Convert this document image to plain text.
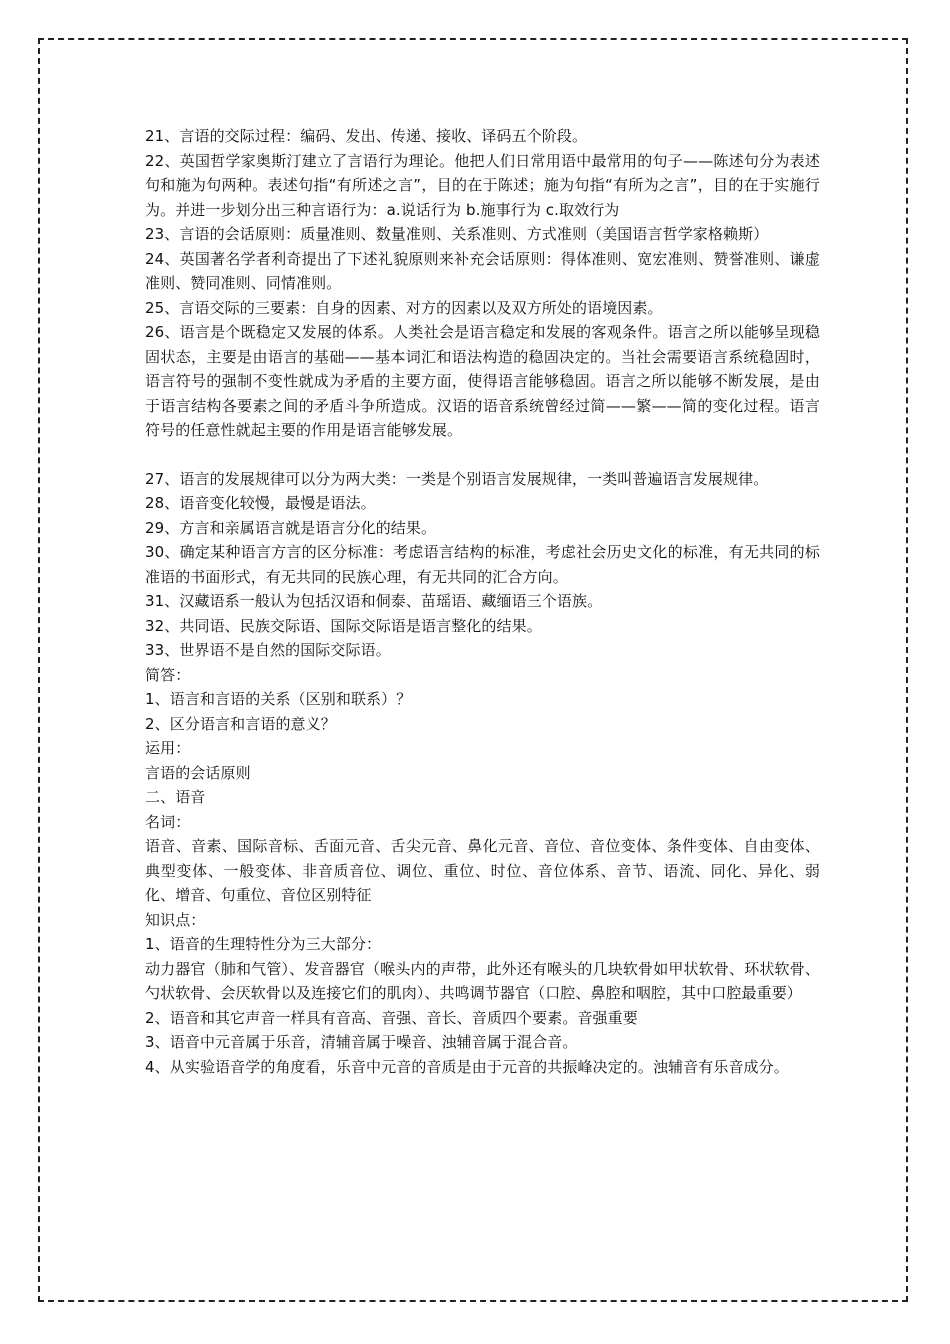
21、言语的交际过程：编码、发出、传递、接收、译码五个阶段。

22、英国哲学家奥斯汀建立了言语行为理论。他把人们日常用语中最常用的句子——陈述句分为表述句和施为句两种。表述句指“有所述之言”，目的在于陈述；施为句指“有所为之言”，目的在于实施行为。并进一步划分出三种言语行为：a.说话行为 b.施事行为 c.取效行为

23、言语的会话原则：质量准则、数量准则、关系准则、方式准则（美国语言哲学家格赖斯）

24、英国著名学者利奇提出了下述礼貌原则来补充会话原则：得体准则、宽宏准则、赞誉准则、谦虚准则、赞同准则、同情准则。

25、言语交际的三要素：自身的因素、对方的因素以及双方所处的语境因素。

26、语言是个既稳定又发展的体系。人类社会是语言稳定和发展的客观条件。语言之所以能够呈现稳固状态，主要是由语言的基础——基本词汇和语法构造的稳固决定的。当社会需要语言系统稳固时，语言符号的强制不变性就成为矛盾的主要方面，使得语言能够稳固。语言之所以能够不断发展，是由于语言结构各要素之间的矛盾斗争所造成。汉语的语音系统曾经过简——繁——简的变化过程。语言符号的任意性就起主要的作用是语言能够发展。

27、语言的发展规律可以分为两大类：一类是个别语言发展规律，一类叫普遍语言发展规律。

28、语音变化较慢，最慢是语法。

29、方言和亲属语言就是语言分化的结果。

30、确定某种语言方言的区分标准：考虑语言结构的标准，考虑社会历史文化的标准，有无共同的标准语的书面形式，有无共同的民族心理，有无共同的汇合方向。

31、汉藏语系一般认为包括汉语和侗泰、苗瑶语、藏缅语三个语族。

32、共同语、民族交际语、国际交际语是语言整化的结果。

33、世界语不是自然的国际交际语。

简答：

1、语言和言语的关系（区别和联系）？

2、区分语言和言语的意义？

运用：

言语的会话原则

二、语音

名词：

语音、音素、国际音标、舌面元音、舌尖元音、鼻化元音、音位、音位变体、条件变体、自由变体、典型变体、一般变体、非音质音位、调位、重位、时位、音位体系、音节、语流、同化、异化、弱化、增音、句重位、音位区别特征

知识点：

1、语音的生理特性分为三大部分：

动力器官（肺和气管）、发音器官（喉头内的声带，此外还有喉头的几块软骨如甲状软骨、环状软骨、勺状软骨、会厌软骨以及连接它们的肌肉）、共鸣调节器官（口腔、鼻腔和咽腔，其中口腔最重要）

2、语音和其它声音一样具有音高、音强、音长、音质四个要素。音强重要

3、语音中元音属于乐音，清辅音属于噪音、浊辅音属于混合音。

4、从实验语音学的角度看，乐音中元音的音质是由于元音的共振峰决定的。浊辅音有乐音成分。
